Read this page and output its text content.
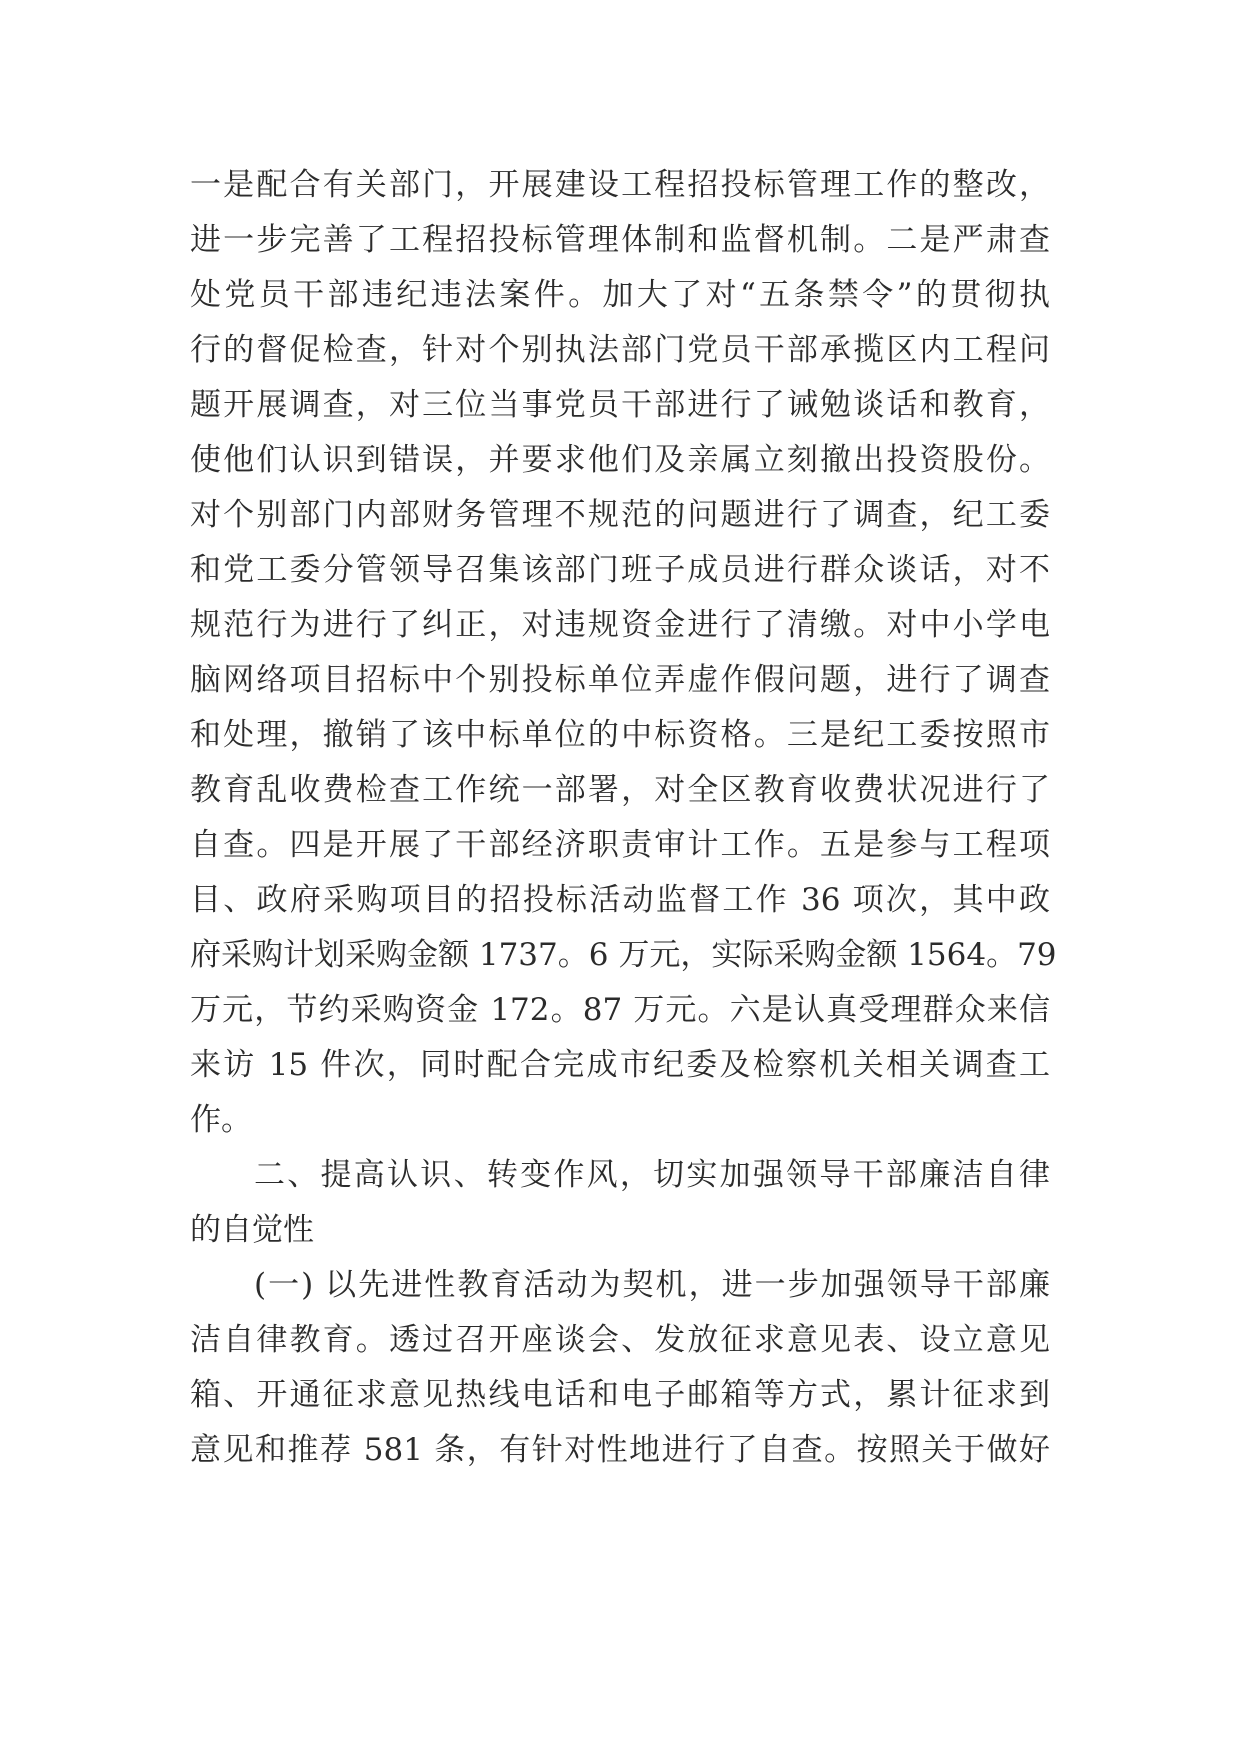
一是配合有关部门，开展建设工程招投标管理工作的整改，
进一步完善了工程招投标管理体制和监督机制。二是严肃查
处党员干部违纪违法案件。加大了对“五条禁令”的贯彻执
行的督促检查，针对个别执法部门党员干部承揽区内工程问
题开展调查，对三位当事党员干部进行了诫勉谈话和教育，
使他们认识到错误，并要求他们及亲属立刻撤出投资股份。
对个别部门内部财务管理不规范的问题进行了调查，纪工委
和党工委分管领导召集该部门班子成员进行群众谈话，对不
规范行为进行了纠正，对违规资金进行了清缴。对中小学电
脑网络项目招标中个别投标单位弄虚作假问题，进行了调查
和处理，撤销了该中标单位的中标资格。三是纪工委按照市
教育乱收费检查工作统一部署，对全区教育收费状况进行了
自查。四是开展了干部经济职责审计工作。五是参与工程项
目、政府采购项目的招投标活动监督工作 36 项次，其中政
府采购计划采购金额 1737。6 万元，实际采购金额 1564。79
万元，节约采购资金 172。87 万元。六是认真受理群众来信
来访 15 件次，同时配合完成市纪委及检察机关相关调查工
作。
二、提高认识、转变作风，切实加强领导干部廉洁自律
的自觉性
(一) 以先进性教育活动为契机，进一步加强领导干部廉
洁自律教育。透过召开座谈会、发放征求意见表、设立意见
箱、开通征求意见热线电话和电子邮箱等方式，累计征求到
意见和推荐 581 条，有针对性地进行了自查。按照关于做好
